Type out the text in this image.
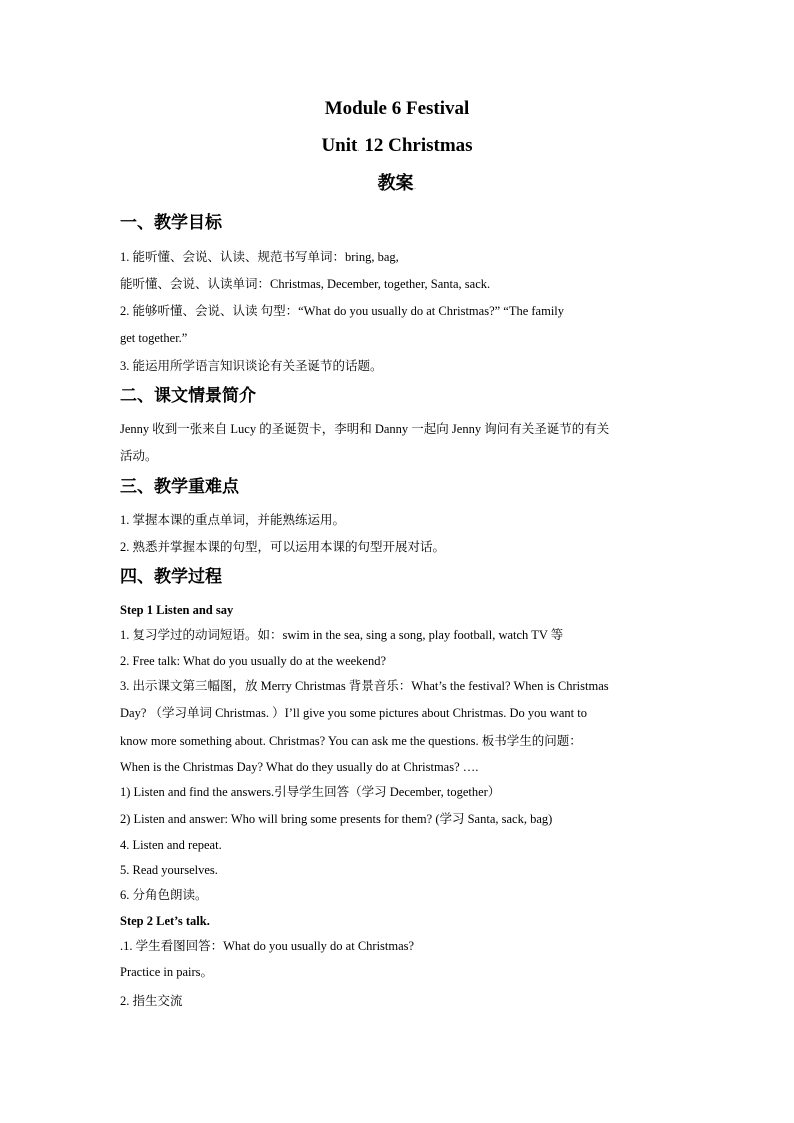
Module 6 Festival
Unit. 12 Christmas
教案.
一、教学目标
1. 能听懂、会说、认读、规范书写单词：bring, bag,
能听懂、会说、认读单词：Christmas, December, together, Santa, sack.
2. 能够听懂、会说、认读 句型：“What do you usually do at Christmas?” “The family
get together.”
3. 能运用所学语言知识谈论有关圣诞节的话题。
二、课文情景简介
Jenny 收到一张来自 Lucy 的圣诞贺卡，李明和 Danny 一起向 Jenny 询问有关圣诞节的有关
活动。
三、教学重难点
1. 掌握本课的重点单词，并能熟练运用。
2. 熟悉并掌握本课的句型，可以运用本课的句型开展对话。
四、教学过程
Step 1 Listen and say
1. 复习学过的动词短语。如：swim in the sea, sing a song, play football, watch TV 等
2. Free talk: What do you usually do at the weekend?
3. 出示课文第三幅图，放 Merry Christmas 背景音乐：What’s the festival? When is Christmas
Day? （学习单词 Christmas. ）I’ll give you some pictures about Christmas. Do you want to
know more something about. Christmas? You can ask me the questions. 板书学生的问题：
When is the Christmas Day? What do they usually do at Christmas? ….
1) Listen and find the answers.引导学生回答（学习 December, together）
2) Listen and answer: Who will bring some presents for them? (学习 Santa, sack, bag)
4. Listen and repeat.
5. Read yourselves.
6. 分角色朗读。
Step 2 Let’s talk.
.1. 学生看图回答：What do you usually do at Christmas?
Practice in pairs。
2. 指生交流
